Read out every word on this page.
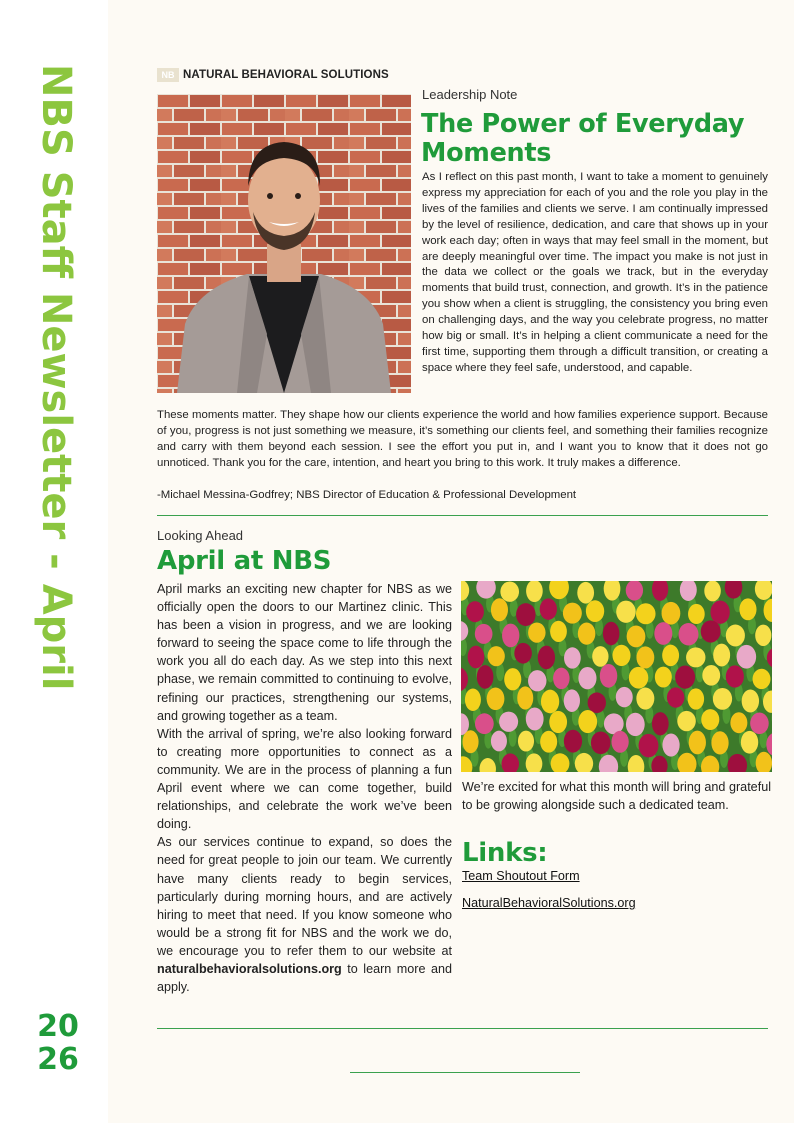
NBS Staff Newsletter - April
20
26
NB NATURAL BEHAVIORAL SOLUTIONS
Leadership Note
The Power of Everyday Moments
As I reflect on this past month, I want to take a moment to genuinely express my appreciation for each of you and the role you play in the lives of the families and clients we serve. I am continually impressed by the level of resilience, dedication, and care that shows up in your work each day; often in ways that may feel small in the moment, but are deeply meaningful over time. The impact you make is not just in the data we collect or the goals we track, but in the everyday moments that build trust, connection, and growth. It’s in the patience you show when a client is struggling, the consistency you bring even on challenging days, and the way you celebrate progress, no matter how big or small. It’s in helping a client communicate a need for the first time, supporting them through a difficult transition, or creating a space where they feel safe, understood, and capable.
These moments matter. They shape how our clients experience the world and how families experience support. Because of you, progress is not just something we measure, it’s something our clients feel, and something their families recognize and carry with them beyond each session. I see the effort you put in, and I want you to know that it does not go unnoticed. Thank you for the care, intention, and heart you bring to this work. It truly makes a difference.
-Michael Messina-Godfrey; NBS Director of Education & Professional Development
Looking Ahead
April at NBS

April marks an exciting new chapter for NBS as we officially open the doors to our Martinez clinic. This has been a vision in progress, and we are looking forward to seeing the space come to life through the work you all do each day. As we step into this next phase, we remain committed to continuing to evolve, refining our practices, strengthening our systems, and growing together as a team.

With the arrival of spring, we’re also looking forward to creating more opportunities to connect as a community. We are in the process of planning a fun April event where we can come together, build relationships, and celebrate the work we’ve been doing.

As our services continue to expand, so does the need for great people to join our team. We currently have many clients ready to begin services, particularly during morning hours, and are actively hiring to meet that need. If you know someone who would be a strong fit for NBS and the work we do, we encourage you to refer them to our website at naturalbehavioralsolutions.org to learn more and apply.

We’re excited for what this month will bring and grateful to be growing alongside such a dedicated team.
Links:
Team Shoutout Form
NaturalBehavioralSolutions.org
